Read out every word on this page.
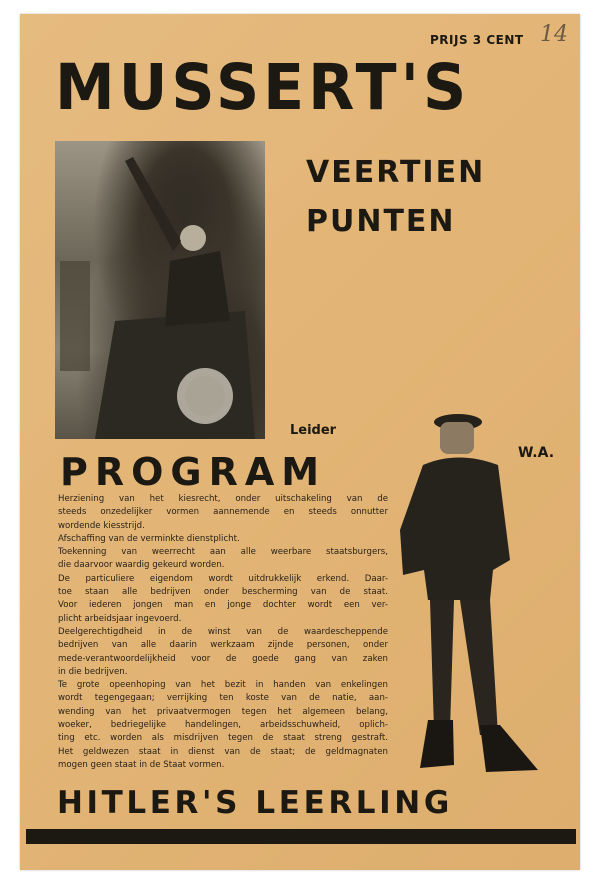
PRIJS 3 CENT 14
MUSSERT'S
VEERTIEN
PUNTEN
Leider
W.A.
PROGRAM
Herziening van het kiesrecht, onder uitschakeling van de
steeds onzedelijker vormen aannemende en steeds onnutter
wordende kiesstrijd.
Afschaffing van de verminkte dienstplicht.
Toekenning van weerrecht aan alle weerbare staatsburgers,
die daarvoor waardig gekeurd worden.
De particuliere eigendom wordt uitdrukkelijk erkend. Daar-
toe staan alle bedrijven onder bescherming van de staat.
Voor iederen jongen man en jonge dochter wordt een ver-
plicht arbeidsjaar ingevoerd.
Deelgerechtigdheid in de winst van de waardescheppende
bedrijven van alle daarin werkzaam zijnde personen, onder
mede-verantwoordelijkheid voor de goede gang van zaken
in die bedrijven.
Te grote opeenhoping van het bezit in handen van enkelingen
wordt tegengegaan; verrijking ten koste van de natie, aan-
wending van het privaatvermogen tegen het algemeen belang,
woeker, bedriegelijke handelingen, arbeidsschuwheid, oplich-
ting etc. worden als misdrijven tegen de staat streng gestraft.
Het geldwezen staat in dienst van de staat; de geldmagnaten
mogen geen staat in de Staat vormen.
HITLER'S LEERLING
